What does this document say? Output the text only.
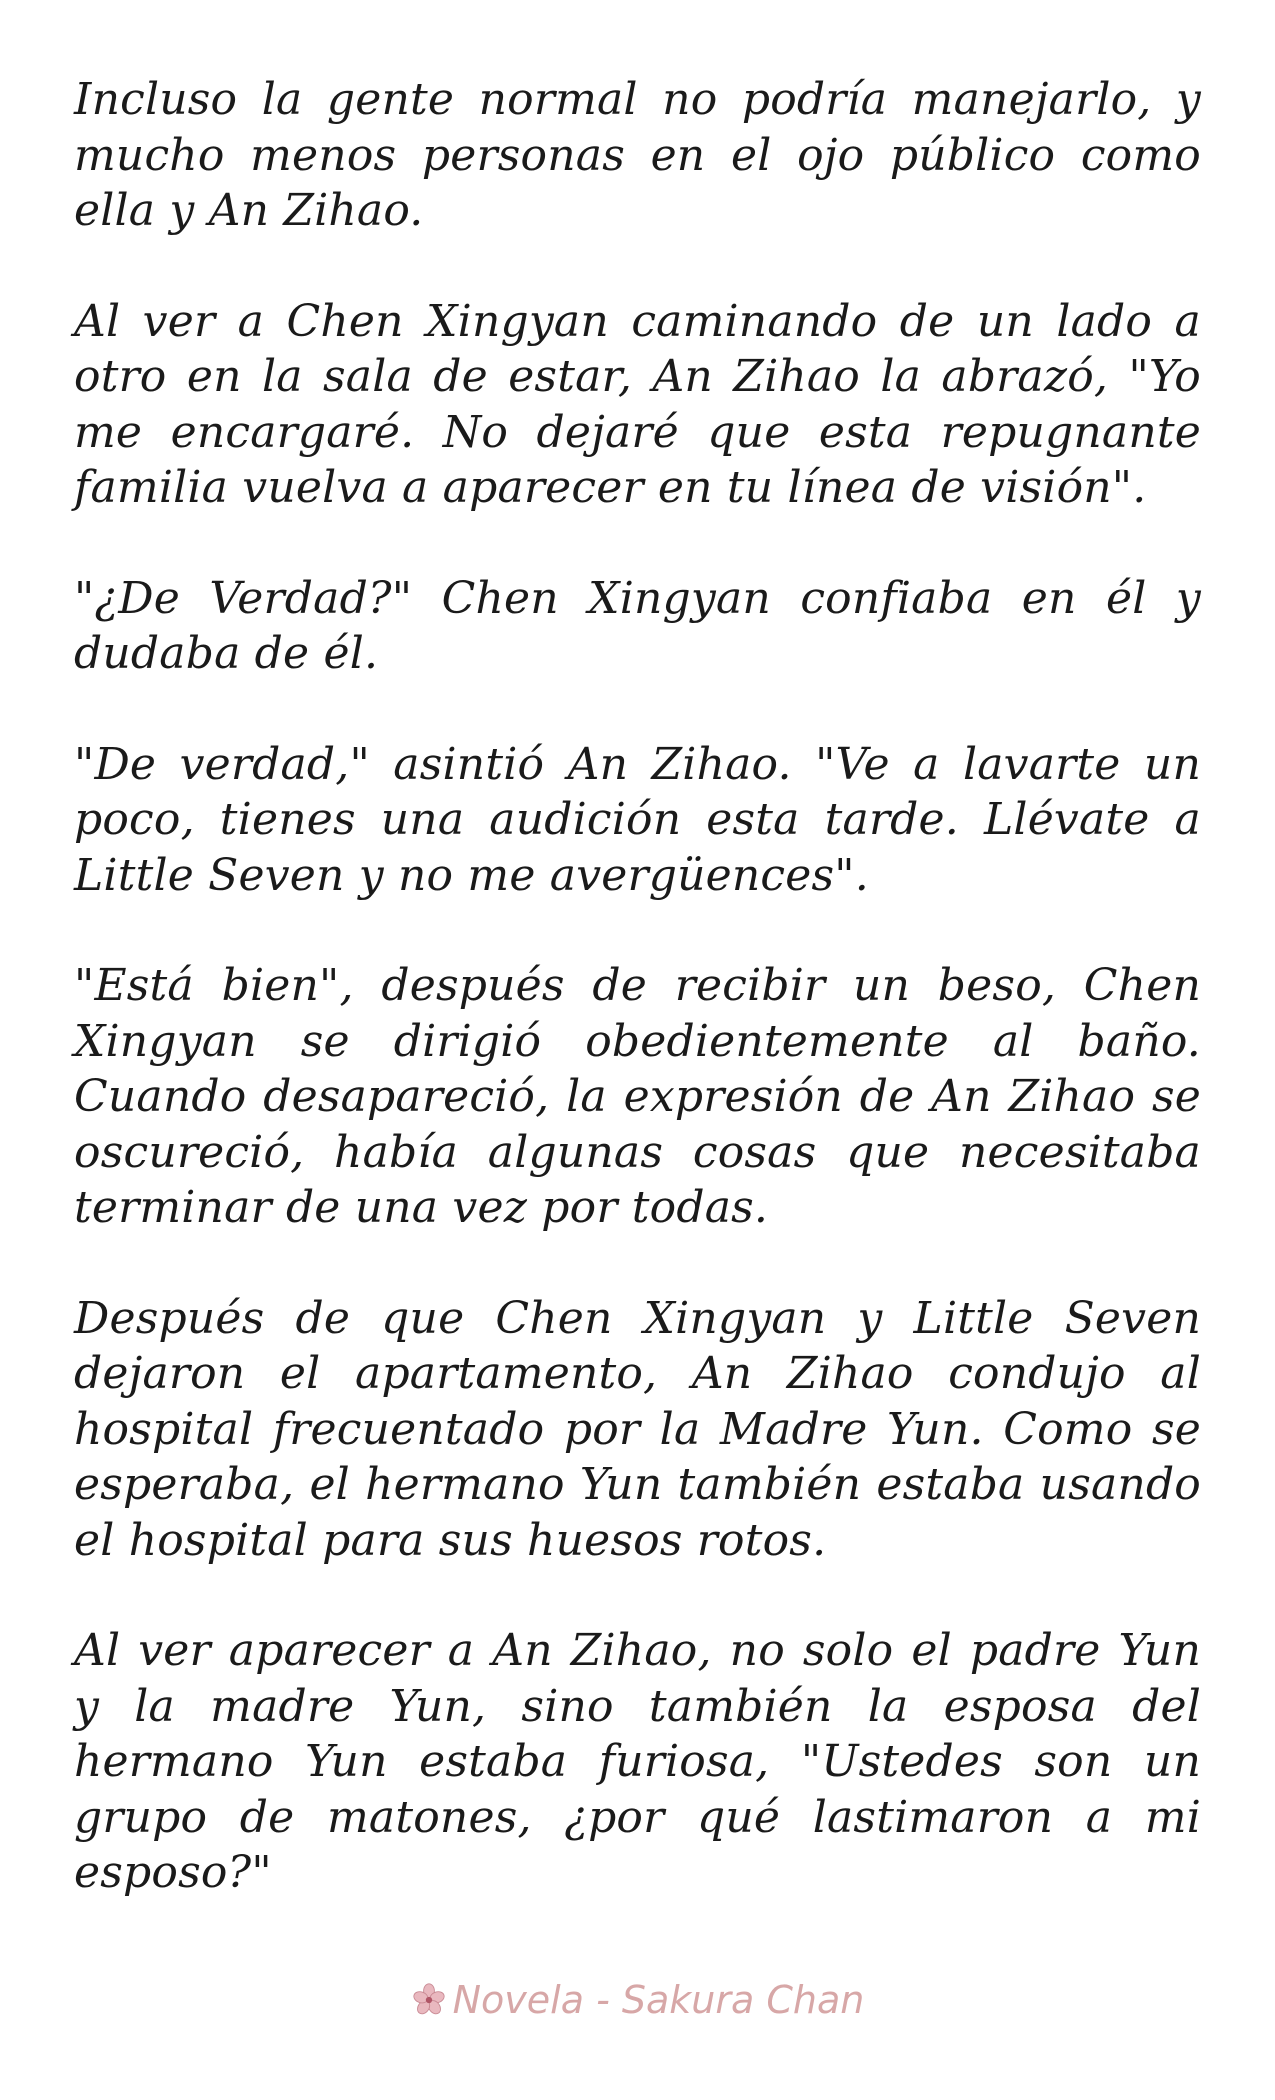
Incluso la gente normal no podría manejarlo, y mucho menos personas en el ojo público como ella y An Zihao.

Al ver a Chen Xingyan caminando de un lado a otro en la sala de estar, An Zihao la abrazó, "Yo me encargaré. No dejaré que esta repugnante familia vuelva a aparecer en tu línea de visión".

"¿De Verdad?" Chen Xingyan confiaba en él y dudaba de él.

"De verdad," asintió An Zihao. "Ve a lavarte un poco, tienes una audición esta tarde. Llévate a Little Seven y no me avergüences".

"Está bien", después de recibir un beso, Chen Xingyan se dirigió obedientemente al baño. Cuando desapareció, la expresión de An Zihao se oscureció, había algunas cosas que necesitaba terminar de una vez por todas.

Después de que Chen Xingyan y Little Seven dejaron el apartamento, An Zihao condujo al hospital frecuentado por la Madre Yun. Como se esperaba, el hermano Yun también estaba usando el hospital para sus huesos rotos.

Al ver aparecer a An Zihao, no solo el padre Yun y la madre Yun, sino también la esposa del hermano Yun estaba furiosa, "Ustedes son un grupo de matones, ¿por qué lastimaron a mi esposo?"

Novela - Sakura Chan
